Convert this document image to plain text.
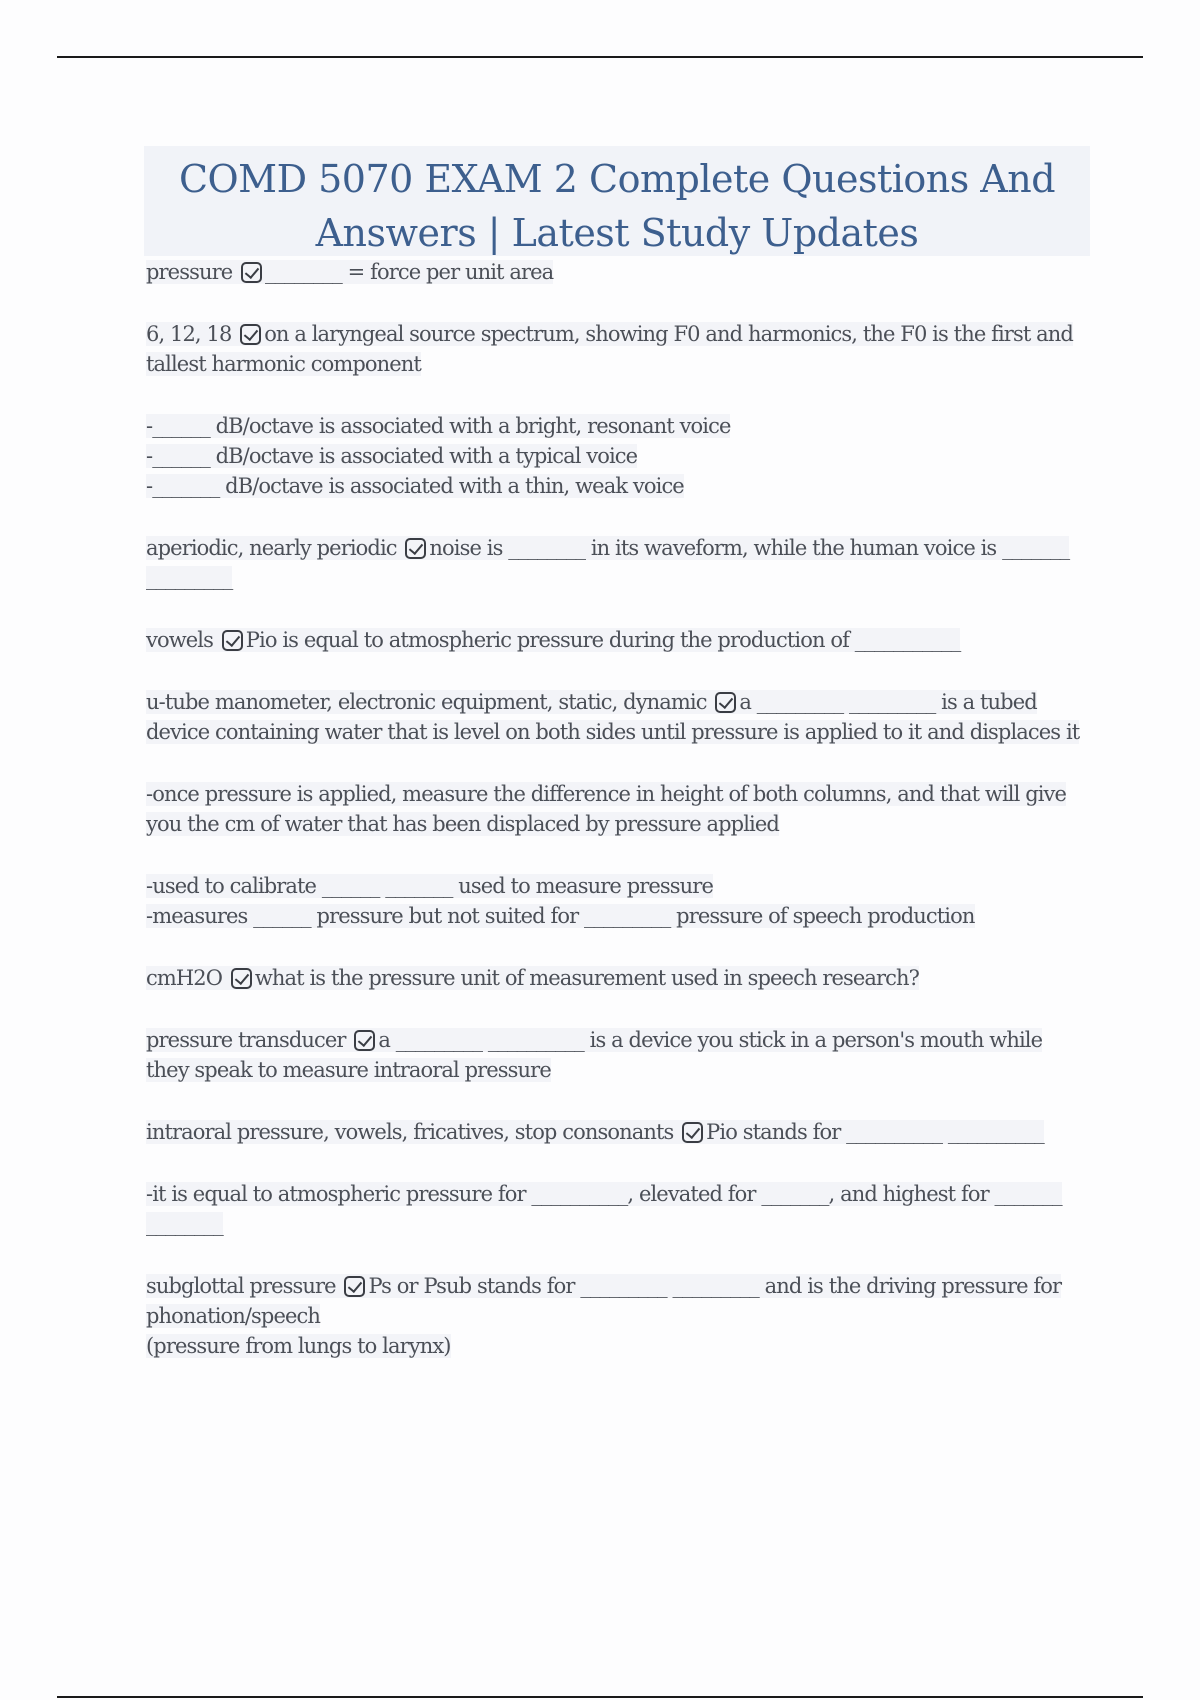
COMD 5070 EXAM 2 Complete Questions And Answers | Latest Study Updates
pressure ________ = force per unit area
6, 12, 18 on a laryngeal source spectrum, showing F0 and harmonics, the F0 is the first and tallest harmonic component
-______ dB/octave is associated with a bright, resonant voice
-______ dB/octave is associated with a typical voice
-_______ dB/octave is associated with a thin, weak voice
aperiodic, nearly periodic noise is ________ in its waveform, while the human voice is _______ _________
vowels Pio is equal to atmospheric pressure during the production of ___________
u-tube manometer, electronic equipment, static, dynamic a _________ _________ is a tubed device containing water that is level on both sides until pressure is applied to it and displaces it
-once pressure is applied, measure the difference in height of both columns, and that will give you the cm of water that has been displaced by pressure applied
-used to calibrate ______ _______ used to measure pressure
-measures ______ pressure but not suited for _________ pressure of speech production
cmH2O what is the pressure unit of measurement used in speech research?
pressure transducer a _________ __________ is a device you stick in a person's mouth while they speak to measure intraoral pressure
intraoral pressure, vowels, fricatives, stop consonants Pio stands for __________ __________
-it is equal to atmospheric pressure for __________, elevated for _______, and highest for _______ ________
subglottal pressure Ps or Psub stands for _________ _________ and is the driving pressure for phonation/speech
(pressure from lungs to larynx)
